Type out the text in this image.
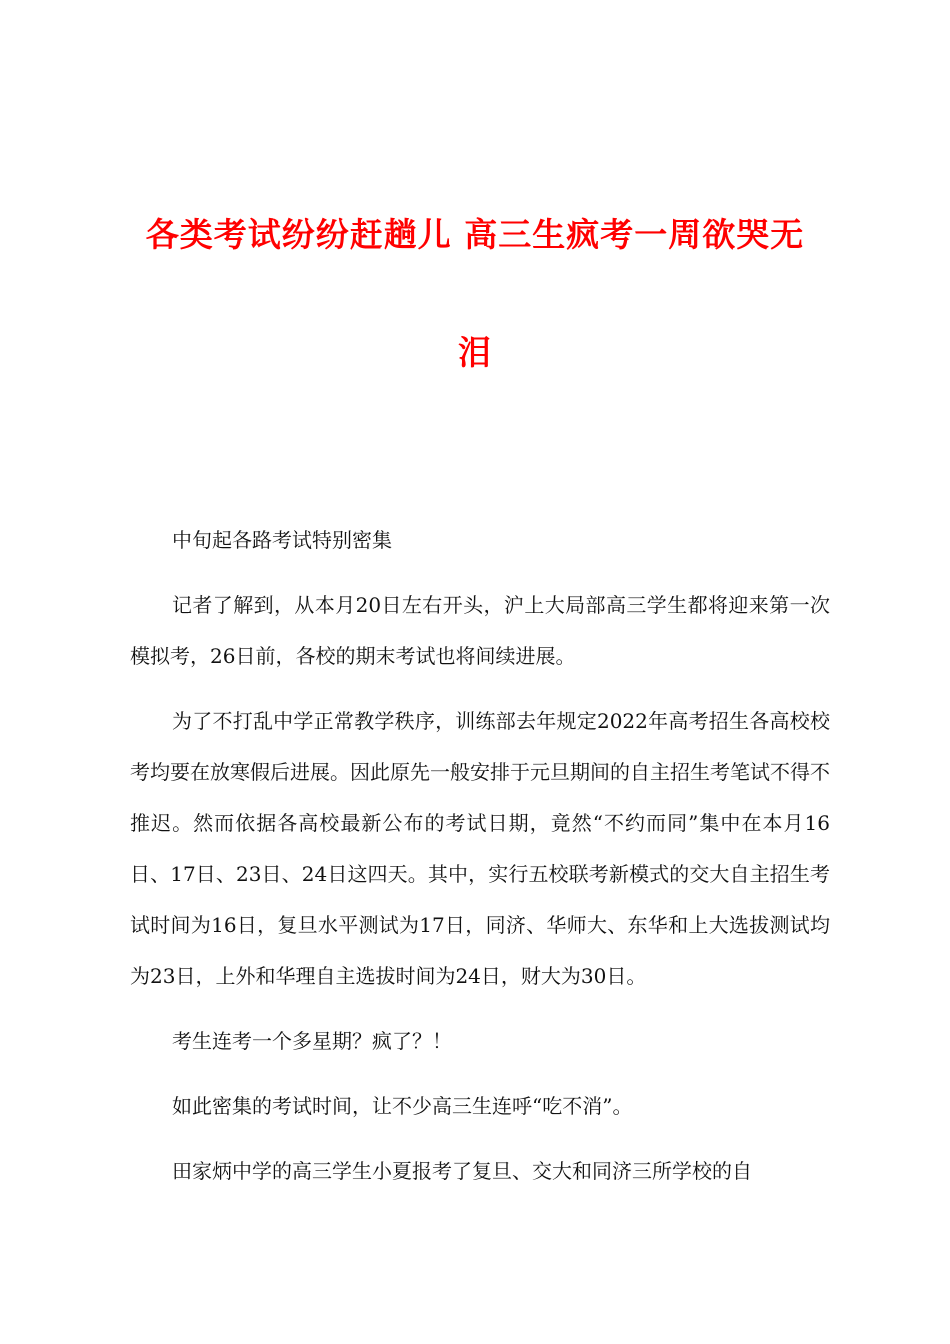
各类考试纷纷赶趟儿 高三生疯考一周欲哭无
泪

中旬起各路考试特别密集

记者了解到，从本月20日左右开头，沪上大局部高三学生都将迎来第一次模拟考，26日前，各校的期末考试也将间续进展。

为了不打乱中学正常教学秩序，训练部去年规定2022年高考招生各高校校考均要在放寒假后进展。因此原先一般安排于元旦期间的自主招生考笔试不得不推迟。然而依据各高校最新公布的考试日期，竟然“不约而同”集中在本月16日、17日、23日、24日这四天。其中，实行五校联考新模式的交大自主招生考试时间为16日，复旦水平测试为17日，同济、华师大、东华和上大选拔测试均为23日，上外和华理自主选拔时间为24日，财大为30日。

考生连考一个多星期？疯了？！

如此密集的考试时间，让不少高三生连呼“吃不消”。

田家炳中学的高三学生小夏报考了复旦、交大和同济三所学校的自
